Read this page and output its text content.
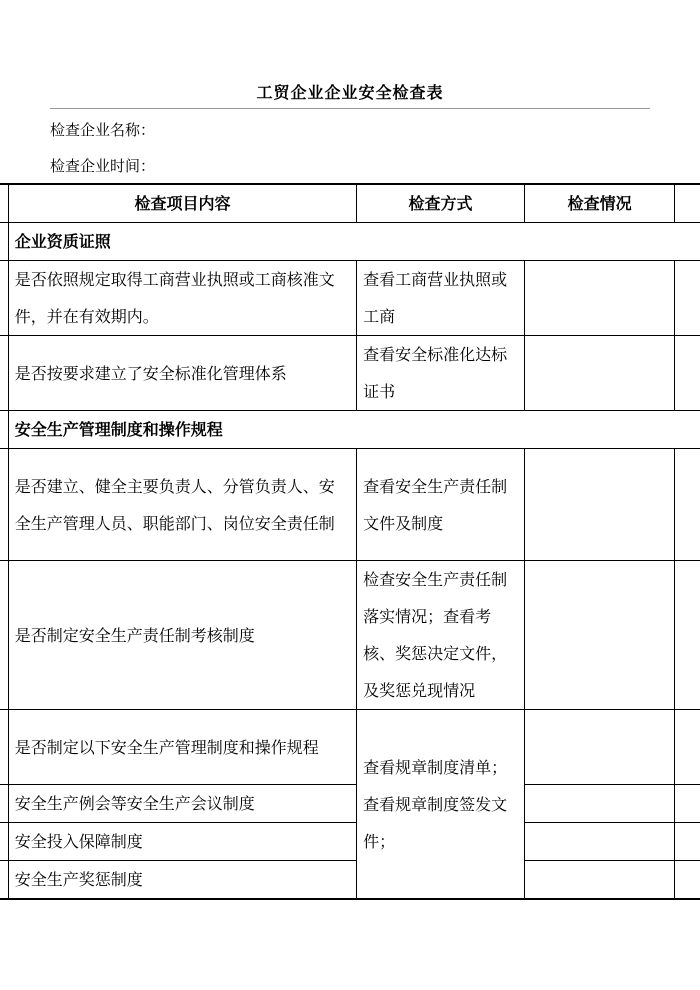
工贸企业企业安全检查表
检查企业名称：
检查企业时间：
	检查项目内容	检查方式	检查情况	
	企业资质证照			
	是否依照规定取得工商营业执照或工商核准文件，并在有效期内。	查看工商营业执照或工商		
	是否按要求建立了安全标准化管理体系	查看安全标准化达标证书		
	安全生产管理制度和操作规程			
	是否建立、健全主要负责人、分管负责人、安全生产管理人员、职能部门、岗位安全责任制	查看安全生产责任制文件及制度		
	是否制定安全生产责任制考核制度	检查安全生产责任制落实情况；查看考核、奖惩决定文件，及奖惩兑现情况		
	是否制定以下安全生产管理制度和操作规程	查看规章制度清单；查看规章制度签发文件；		
	安全生产例会等安全生产会议制度			
	安全投入保障制度			
	安全生产奖惩制度			
